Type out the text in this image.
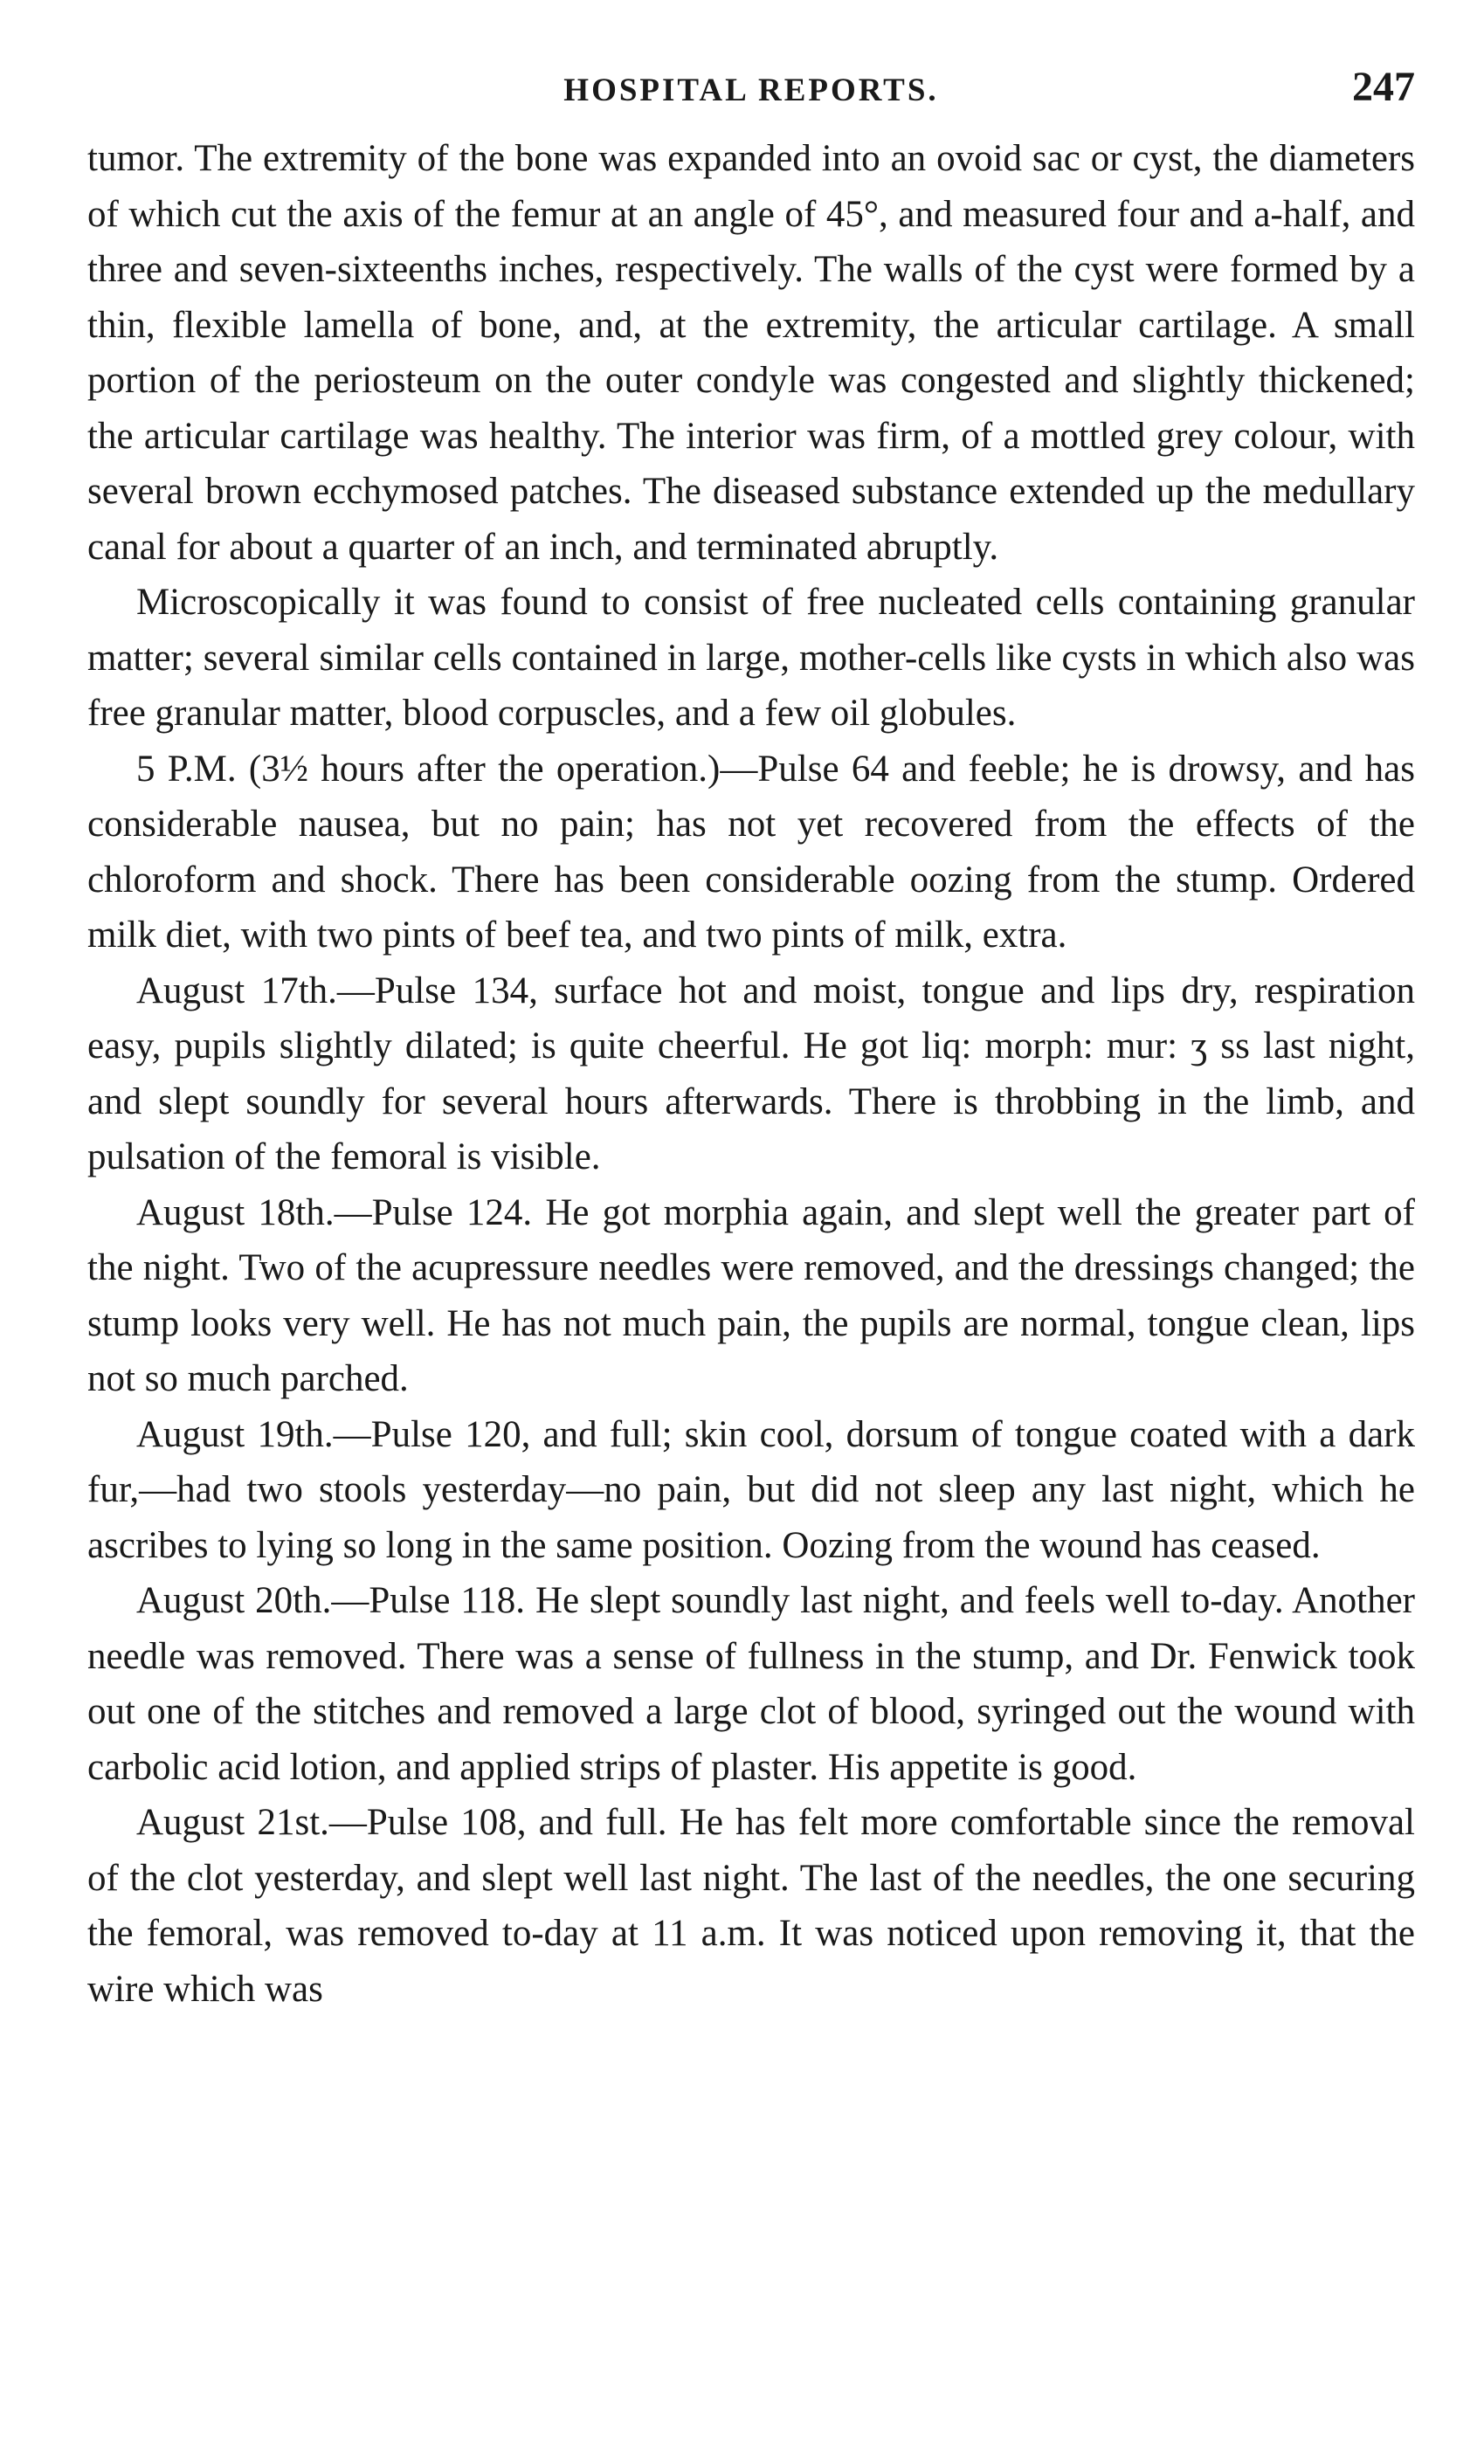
HOSPITAL REPORTS.	247

tumor. The extremity of the bone was expanded into an ovoid sac or cyst, the diameters of which cut the axis of the femur at an angle of 45°, and measured four and a-half, and three and seven-sixteenths inches, respectively. The walls of the cyst were formed by a thin, flexible lamella of bone, and, at the extremity, the articular cartilage. A small portion of the periosteum on the outer condyle was congested and slightly thickened; the articular cartilage was healthy. The interior was firm, of a mottled grey colour, with several brown ecchymosed patches. The diseased substance extended up the medullary canal for about a quarter of an inch, and terminated abruptly.

Microscopically it was found to consist of free nucleated cells containing granular matter; several similar cells contained in large, mother-cells like cysts in which also was free granular matter, blood corpuscles, and a few oil globules.

5 P.M. (3½ hours after the operation.)—Pulse 64 and feeble; he is drowsy, and has considerable nausea, but no pain; has not yet recovered from the effects of the chloroform and shock. There has been considerable oozing from the stump. Ordered milk diet, with two pints of beef tea, and two pints of milk, extra.

August 17th.—Pulse 134, surface hot and moist, tongue and lips dry, respiration easy, pupils slightly dilated; is quite cheerful. He got liq: morph: mur: ʒ ss last night, and slept soundly for several hours afterwards. There is throbbing in the limb, and pulsation of the femoral is visible.

August 18th.—Pulse 124. He got morphia again, and slept well the greater part of the night. Two of the acupressure needles were removed, and the dressings changed; the stump looks very well. He has not much pain, the pupils are normal, tongue clean, lips not so much parched.

August 19th.—Pulse 120, and full; skin cool, dorsum of tongue coated with a dark fur,—had two stools yesterday—no pain, but did not sleep any last night, which he ascribes to lying so long in the same position. Oozing from the wound has ceased.

August 20th.—Pulse 118. He slept soundly last night, and feels well to-day. Another needle was removed. There was a sense of fullness in the stump, and Dr. Fenwick took out one of the stitches and removed a large clot of blood, syringed out the wound with carbolic acid lotion, and applied strips of plaster. His appetite is good.

August 21st.—Pulse 108, and full. He has felt more comfortable since the removal of the clot yesterday, and slept well last night. The last of the needles, the one securing the femoral, was removed to-day at 11 a.m. It was noticed upon removing it, that the wire which was
